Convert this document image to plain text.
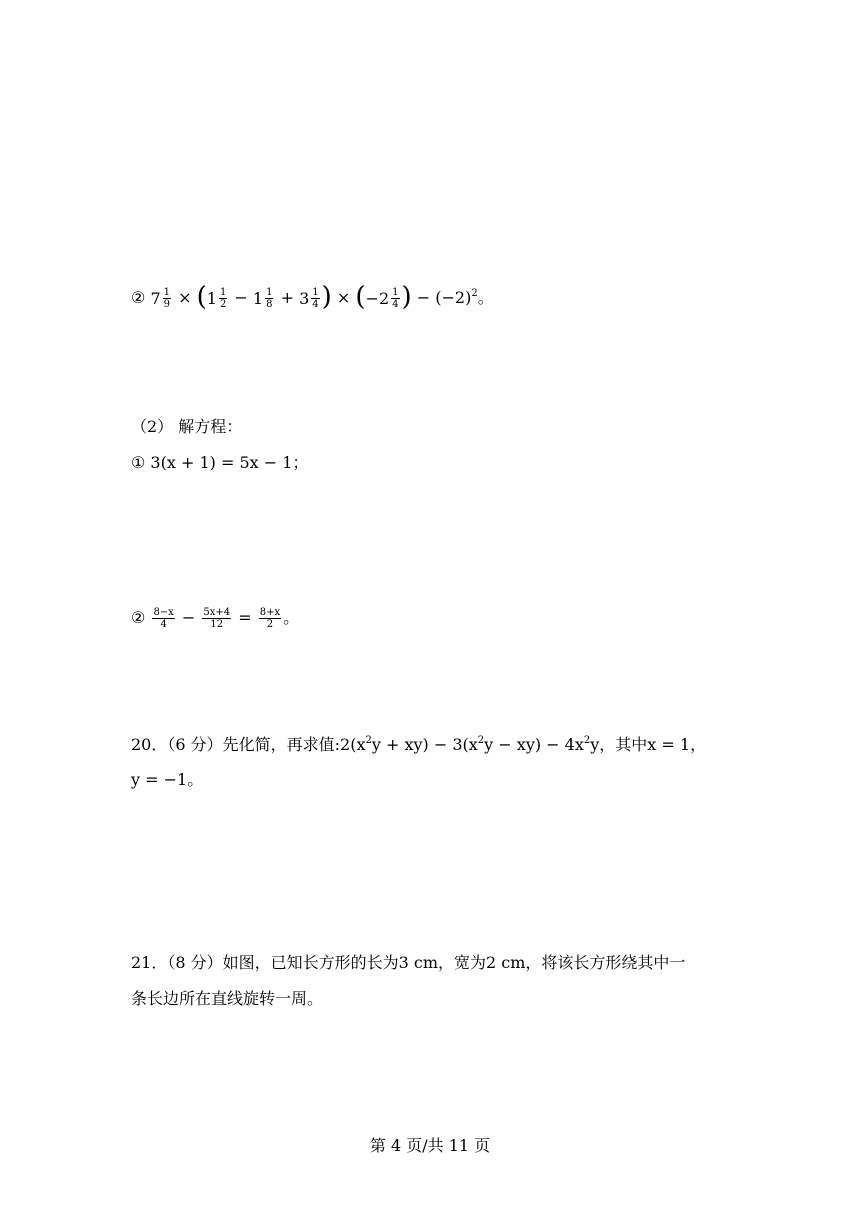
② $7 \frac{1}{9}$ × ( $1 \frac{1}{2} - 1 \frac{1}{8} + 3 \frac{1}{4}$ ) × ( $-2 \frac{1}{4}$ ) − $(-2)^2$。
（2） 解方程：
① 3(x + 1) = 5x − 1；
② $\frac{8-x}{4} - \frac{5x+4}{12} = \frac{8+x}{2}$ 。
20．（6 分）先化简，再求值$:2(x^2y + xy) - 3(x^2y - xy) - 4x^2y$，其中x = 1，
y = −1。
21．（8 分）如图，已知长方形的长为3 cm，宽为2 cm，将该长方形绕其中一
条长边所在直线旋转一周。
第 4 页/共 11 页
